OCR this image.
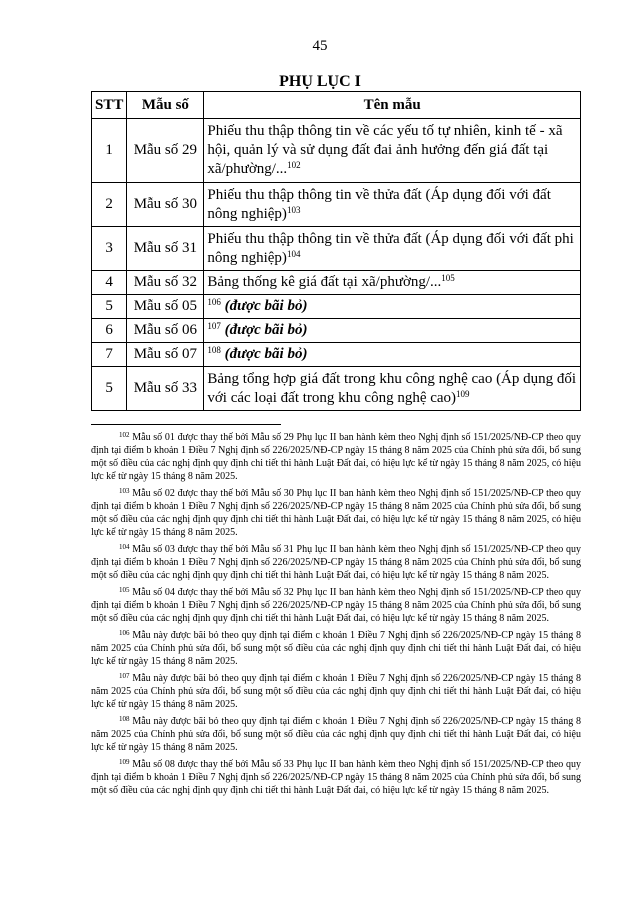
45
PHỤ LỤC I
STT	Mẫu số	Tên mẫu
1	Mẫu số 29	Phiếu thu thập thông tin về các yếu tố tự nhiên, kinh tế - xã hội, quản lý và sử dụng đất đai ảnh hưởng đến giá đất tại xã/phường/...$^{102}$
2	Mẫu số 30	Phiếu thu thập thông tin về thửa đất (Áp dụng đối với đất nông nghiệp)$^{103}$
3	Mẫu số 31	Phiếu thu thập thông tin về thửa đất (Áp dụng đối với đất phi nông nghiệp)$^{104}$
4	Mẫu số 32	Bảng thống kê giá đất tại xã/phường/...$^{105}$
5	Mẫu số 05	$^{106}$ (được bãi bỏ)
6	Mẫu số 06	$^{107}$ (được bãi bỏ)
7	Mẫu số 07	$^{108}$ (được bãi bỏ)
5	Mẫu số 33	Bảng tổng hợp giá đất trong khu công nghệ cao (Áp dụng đối với các loại đất trong khu công nghệ cao)$^{109}$

$^{102}$ Mẫu số 01 được thay thế bởi Mẫu số 29 Phụ lục II ban hành kèm theo Nghị định số 151/2025/NĐ-CP theo quy định tại điểm b khoản 1 Điều 7 Nghị định số 226/2025/NĐ-CP ngày 15 tháng 8 năm 2025 của Chính phủ sửa đổi, bổ sung một số điều của các nghị định quy định chi tiết thi hành Luật Đất đai, có hiệu lực kể từ ngày 15 tháng 8 năm 2025, có hiệu lực kể từ ngày 15 tháng 8 năm 2025.

$^{103}$ Mẫu số 02 được thay thế bởi Mẫu số 30 Phụ lục II ban hành kèm theo Nghị định số 151/2025/NĐ-CP theo quy định tại điểm b khoản 1 Điều 7 Nghị định số 226/2025/NĐ-CP ngày 15 tháng 8 năm 2025 của Chính phủ sửa đổi, bổ sung một số điều của các nghị định quy định chi tiết thi hành Luật Đất đai, có hiệu lực kể từ ngày 15 tháng 8 năm 2025, có hiệu lực kể từ ngày 15 tháng 8 năm 2025.

$^{104}$ Mẫu số 03 được thay thế bởi Mẫu số 31 Phụ lục II ban hành kèm theo Nghị định số 151/2025/NĐ-CP theo quy định tại điểm b khoản 1 Điều 7 Nghị định số 226/2025/NĐ-CP ngày 15 tháng 8 năm 2025 của Chính phủ sửa đổi, bổ sung một số điều của các nghị định quy định chi tiết thi hành Luật Đất đai, có hiệu lực kể từ ngày 15 tháng 8 năm 2025.

$^{105}$ Mẫu số 04 được thay thế bởi Mẫu số 32 Phụ lục II ban hành kèm theo Nghị định số 151/2025/NĐ-CP theo quy định tại điểm b khoản 1 Điều 7 Nghị định số 226/2025/NĐ-CP ngày 15 tháng 8 năm 2025 của Chính phủ sửa đổi, bổ sung một số điều của các nghị định quy định chi tiết thi hành Luật Đất đai, có hiệu lực kể từ ngày 15 tháng 8 năm 2025.

$^{106}$ Mẫu này được bãi bỏ theo quy định tại điểm c khoản 1 Điều 7 Nghị định số 226/2025/NĐ-CP ngày 15 tháng 8 năm 2025 của Chính phủ sửa đổi, bổ sung một số điều của các nghị định quy định chi tiết thi hành Luật Đất đai, có hiệu lực kể từ ngày 15 tháng 8 năm 2025.

$^{107}$ Mẫu này được bãi bỏ theo quy định tại điểm c khoản 1 Điều 7 Nghị định số 226/2025/NĐ-CP ngày 15 tháng 8 năm 2025 của Chính phủ sửa đổi, bổ sung một số điều của các nghị định quy định chi tiết thi hành Luật Đất đai, có hiệu lực kể từ ngày 15 tháng 8 năm 2025.

$^{108}$ Mẫu này được bãi bỏ theo quy định tại điểm c khoản 1 Điều 7 Nghị định số 226/2025/NĐ-CP ngày 15 tháng 8 năm 2025 của Chính phủ sửa đổi, bổ sung một số điều của các nghị định quy định chi tiết thi hành Luật Đất đai, có hiệu lực kể từ ngày 15 tháng 8 năm 2025.

$^{109}$ Mẫu số 08 được thay thế bởi Mẫu số 33 Phụ lục II ban hành kèm theo Nghị định số 151/2025/NĐ-CP theo quy định tại điểm b khoản 1 Điều 7 Nghị định số 226/2025/NĐ-CP ngày 15 tháng 8 năm 2025 của Chính phủ sửa đổi, bổ sung một số điều của các nghị định quy định chi tiết thi hành Luật Đất đai, có hiệu lực kể từ ngày 15 tháng 8 năm 2025.
